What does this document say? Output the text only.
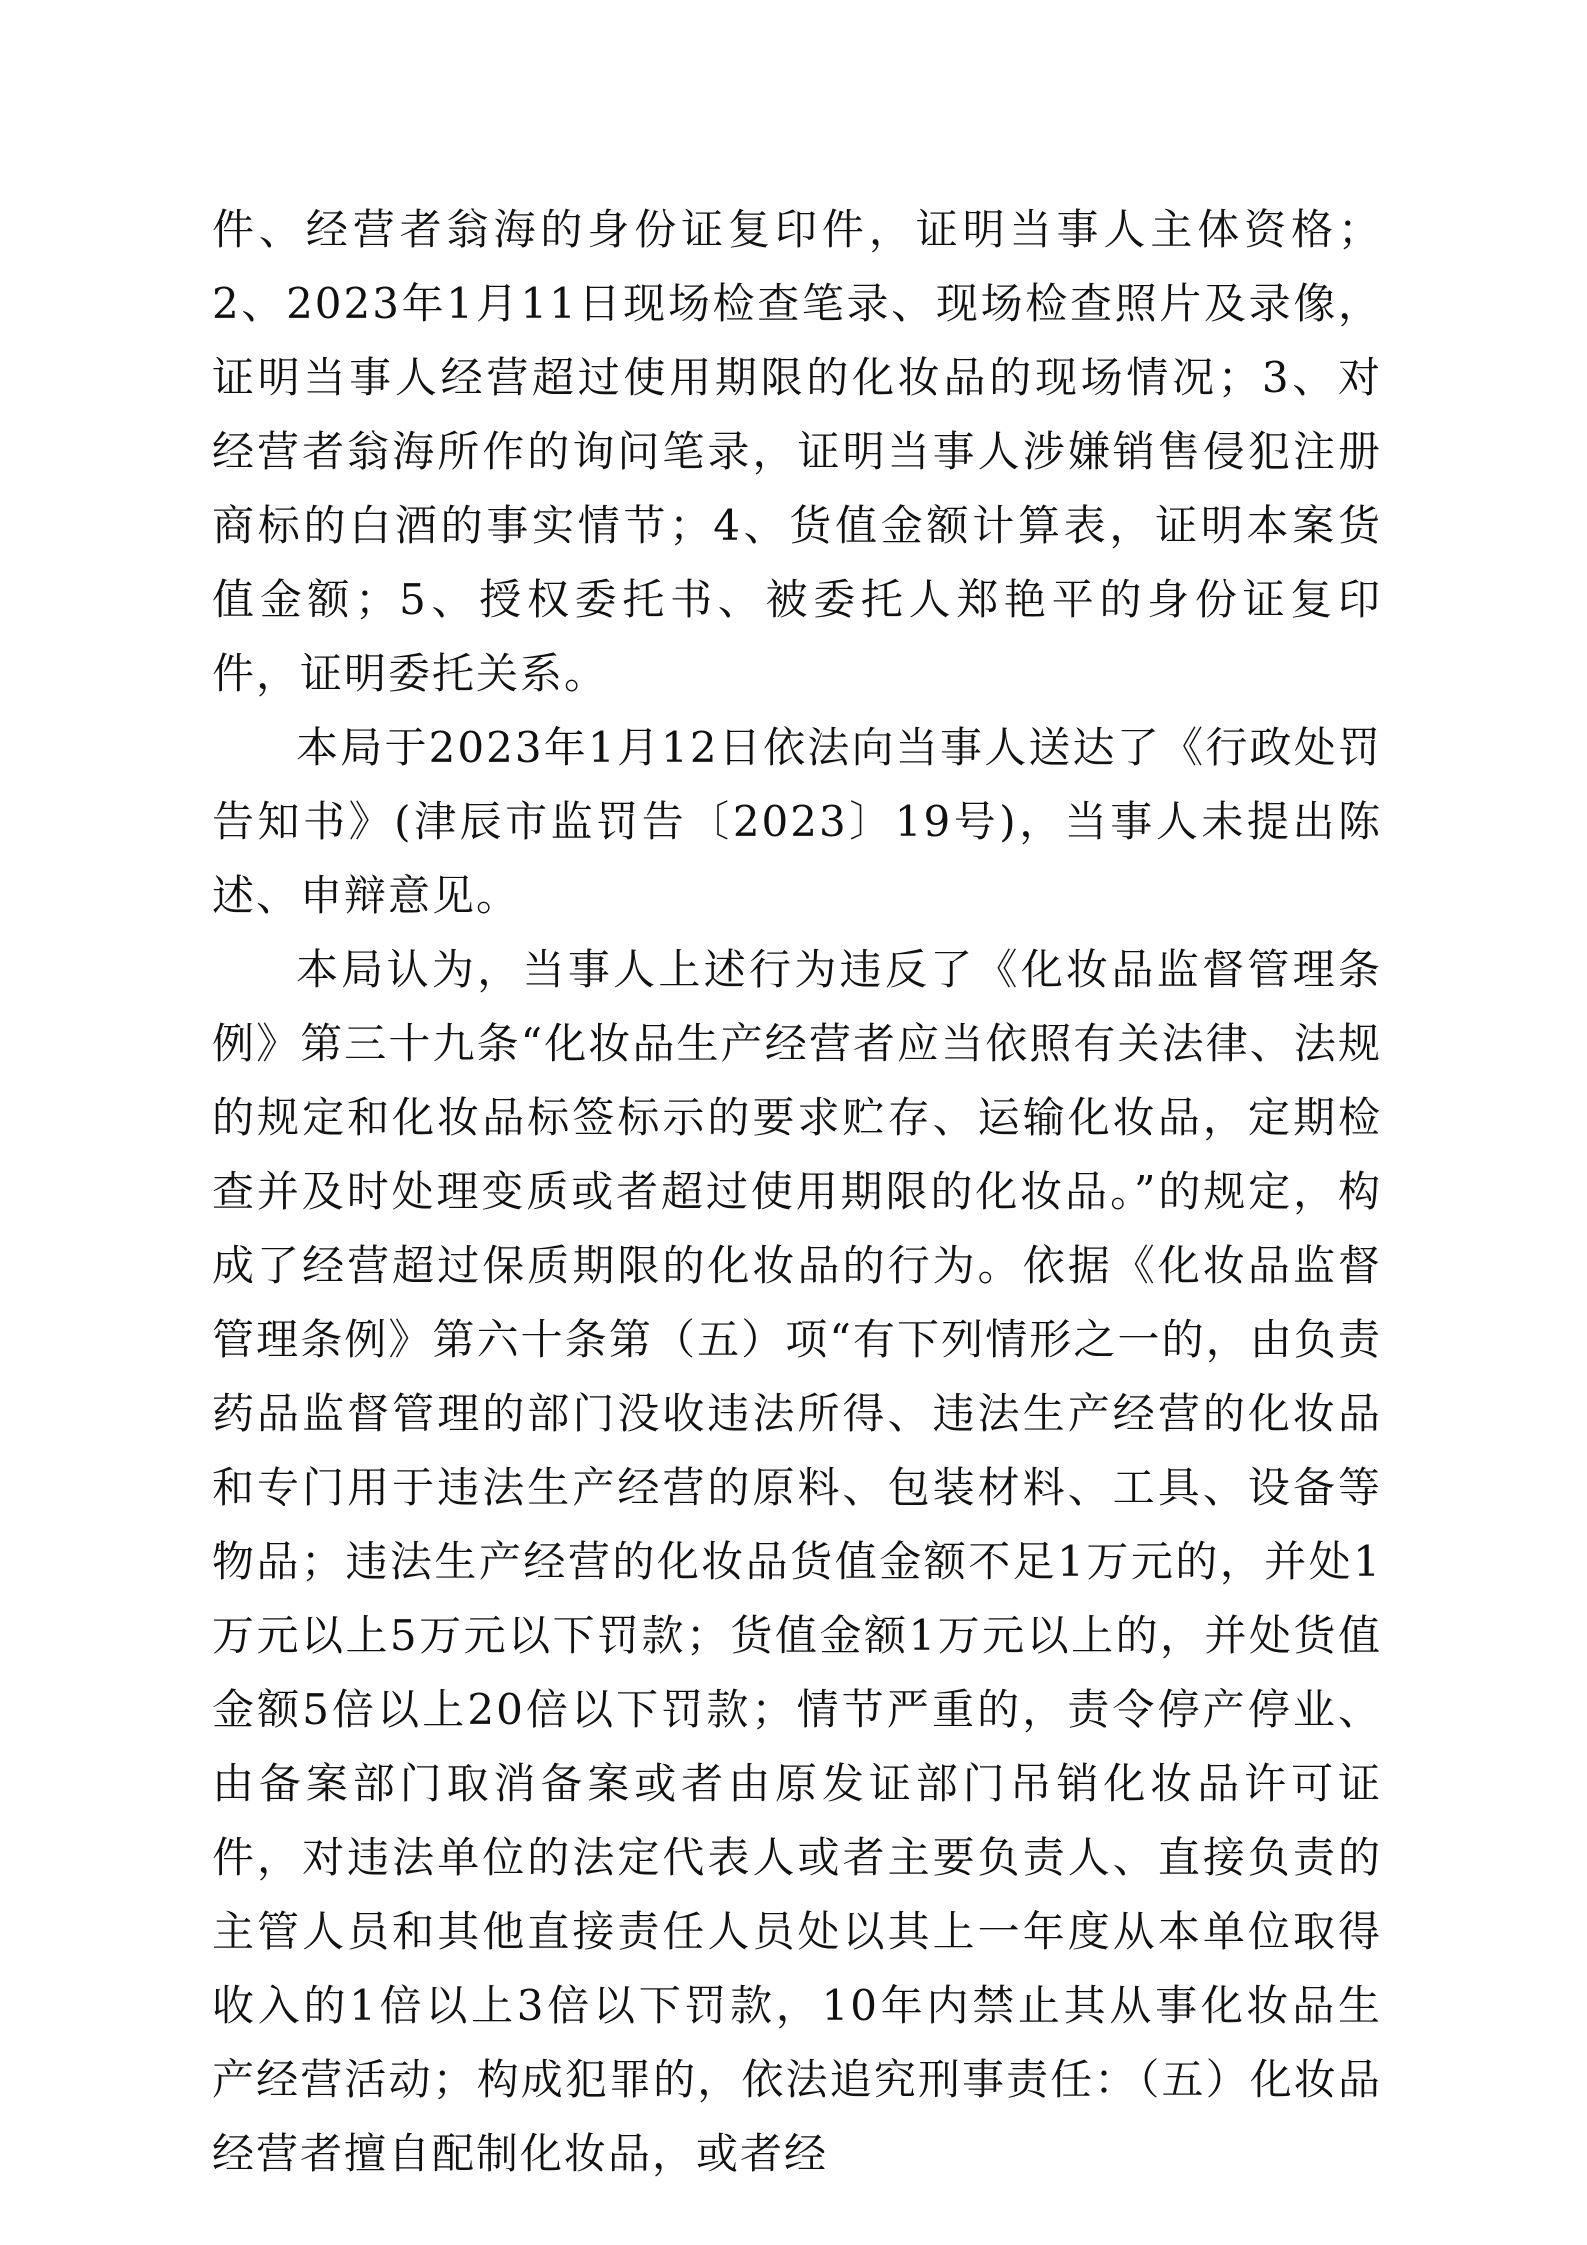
件、经营者翁海的身份证复印件，证明当事人主体资格；2、2023年1月11日现场检查笔录、现场检查照片及录像，证明当事人经营超过使用期限的化妆品的现场情况；3、对经营者翁海所作的询问笔录，证明当事人涉嫌销售侵犯注册商标的白酒的事实情节；4、货值金额计算表，证明本案货值金额；5、授权委托书、被委托人郑艳平的身份证复印件，证明委托关系。

本局于2023年1月12日依法向当事人送达了《行政处罚告知书》(津辰市监罚告〔2023〕19号)，当事人未提出陈述、申辩意见。

本局认为，当事人上述行为违反了《化妆品监督管理条例》第三十九条“化妆品生产经营者应当依照有关法律、法规的规定和化妆品标签标示的要求贮存、运输化妆品，定期检查并及时处理变质或者超过使用期限的化妆品。”的规定，构成了经营超过保质期限的化妆品的行为。依据《化妆品监督管理条例》第六十条第（五）项“有下列情形之一的，由负责药品监督管理的部门没收违法所得、违法生产经营的化妆品和专门用于违法生产经营的原料、包装材料、工具、设备等物品；违法生产经营的化妆品货值金额不足1万元的，并处1万元以上5万元以下罚款；货值金额1万元以上的，并处货值金额5倍以上20倍以下罚款；情节严重的，责令停产停业、由备案部门取消备案或者由原发证部门吊销化妆品许可证件，对违法单位的法定代表人或者主要负责人、直接负责的主管人员和其他直接责任人员处以其上一年度从本单位取得收入的1倍以上3倍以下罚款，10年内禁止其从事化妆品生产经营活动；构成犯罪的，依法追究刑事责任：（五）化妆品经营者擅自配制化妆品，或者经
